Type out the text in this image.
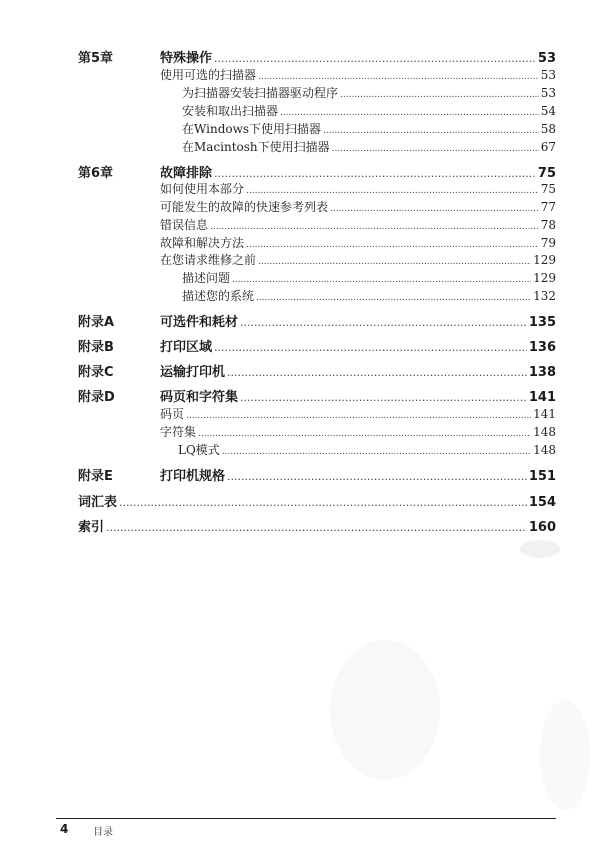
第5章	特殊操作 .....	53
使用可选的扫描器 .....	53
为扫描器安装扫描器驱动程序 .....	53
安装和取出扫描器 .....	54
在Windows下使用扫描器 .....	58
在Macintosh下使用扫描器 .....	67
第6章	故障排除 .....	75
如何使用本部分 .....	75
可能发生的故障的快速参考列表 .....	77
错误信息 .....	78
故障和解决方法 .....	79
在您请求维修之前 .....	129
描述问题 .....	129
描述您的系统 .....	132
附录A	可选件和耗材 .....	135
附录B	打印区域 .....	136
附录C	运输打印机 .....	138
附录D	码页和字符集 .....	141
码页 .....	141
字符集 .....	148
LQ模式 .....	148
附录E	打印机规格 .....	151
词汇表 .....	154
索引 .....	160
4 目录
